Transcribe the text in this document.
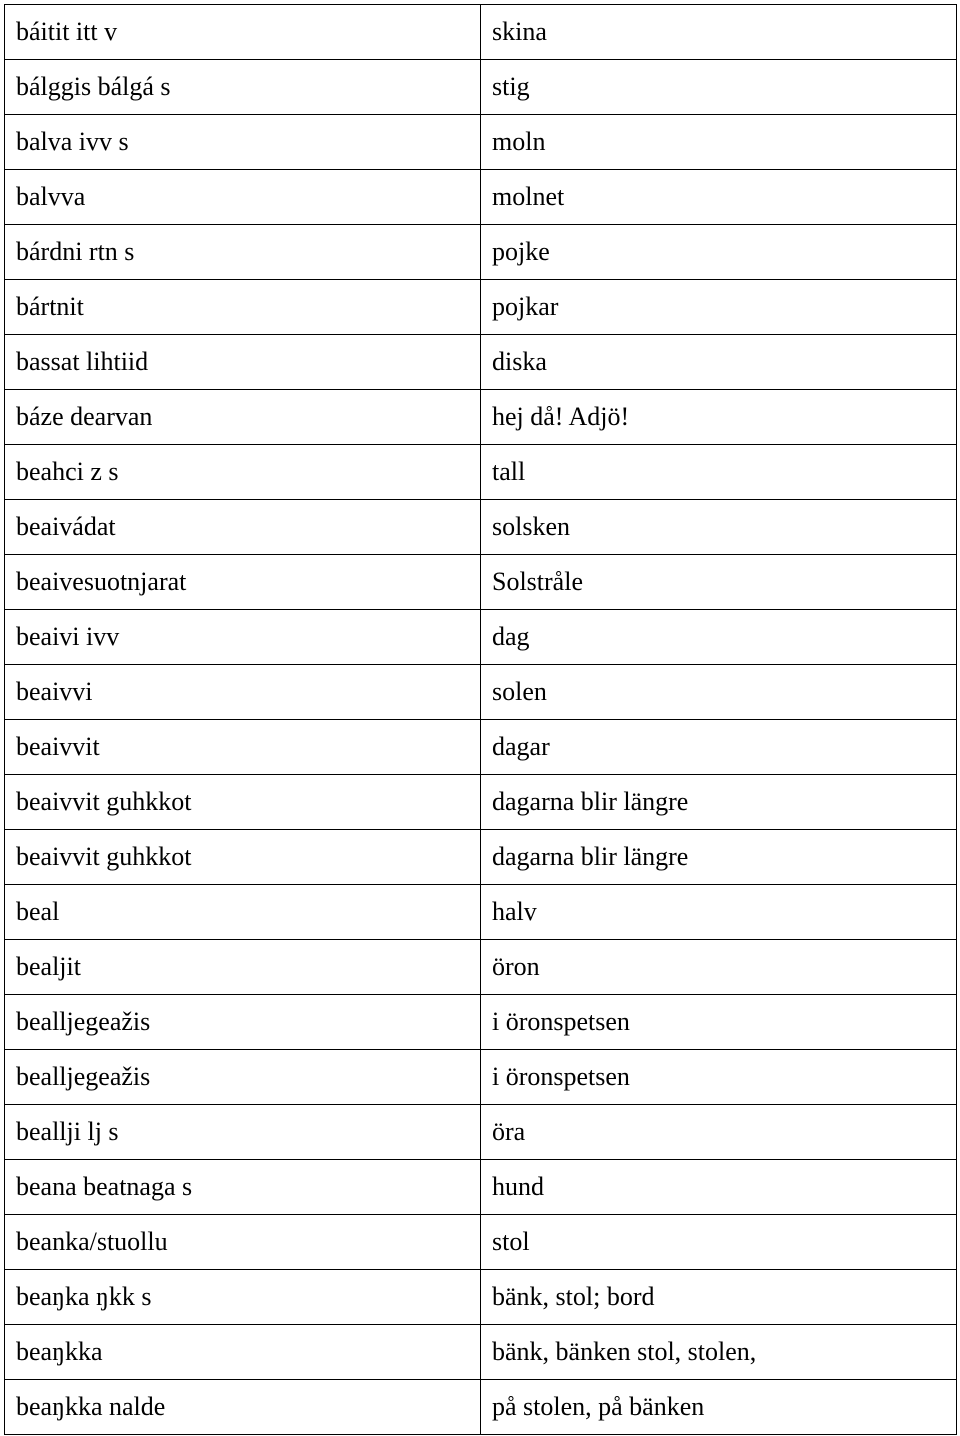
báitit itt v	skina
bálggis bálgá s	stig
balva ivv s	moln
balvva	molnet
bárdni rtn s	pojke
bártnit	pojkar
bassat lihtiid	diska
báze dearvan	hej då! Adjö!
beahci z s	tall
beaivádat	solsken
beaivesuotnjarat	Solstråle
beaivi ivv	dag
beaivvi	solen
beaivvit	dagar
beaivvit guhkkot	dagarna blir längre
beaivvit guhkkot	dagarna blir längre
beal	halv
bealjit	öron
bealljegeažis	i öronspetsen
bealljegeažis	i öronspetsen
beallji lj s	öra
beana beatnaga s	hund
beanka/stuollu	stol
beaŋka ŋkk s	bänk, stol; bord
beaŋkka	bänk, bänken stol, stolen,
beaŋkka nalde	på stolen, på bänken
